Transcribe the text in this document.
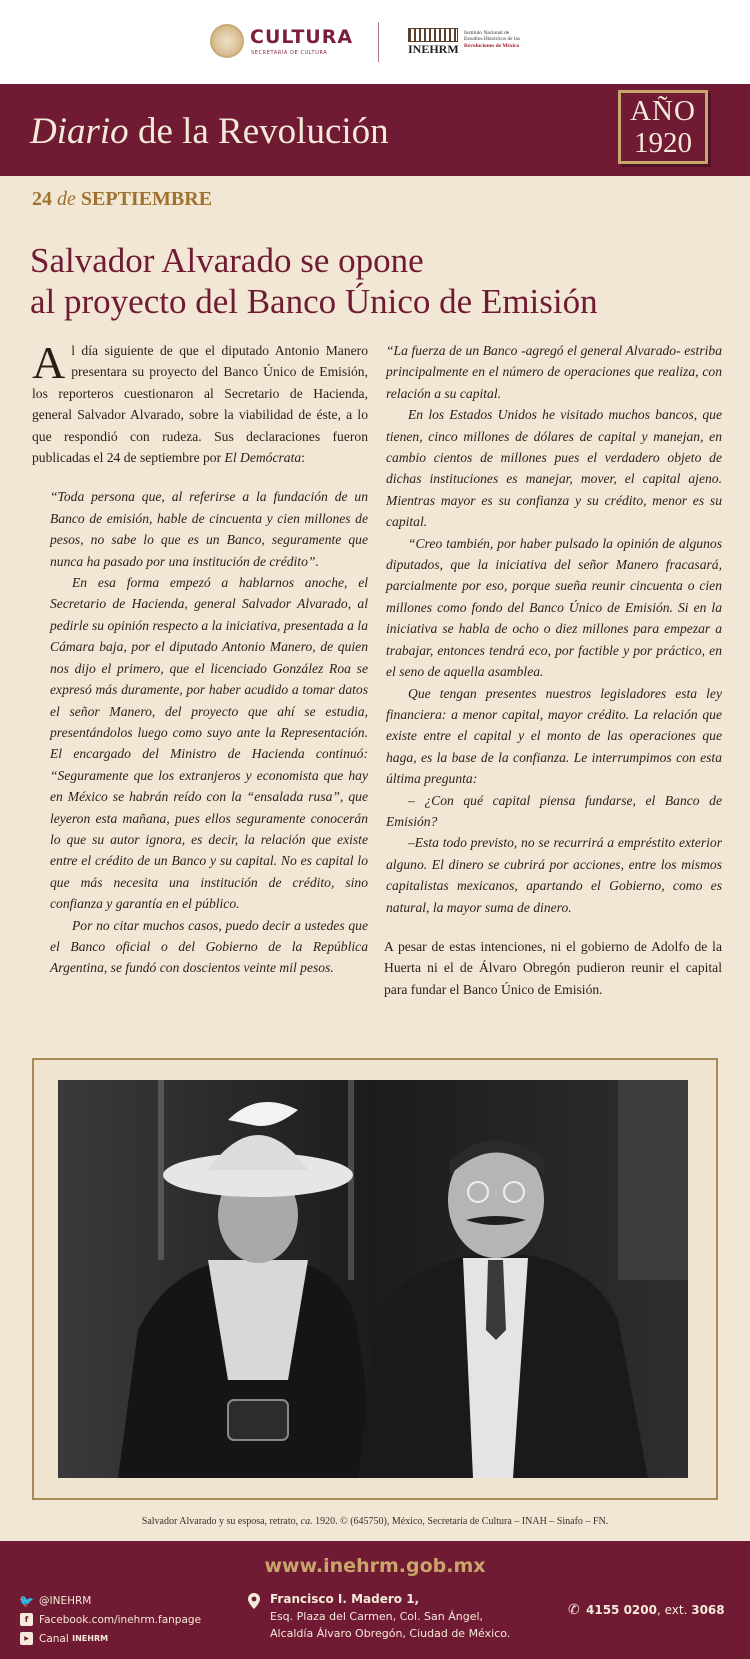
CULTURA
SECRETARÍA DE CULTURA	INEHRM
Instituto Nacional de
Estudios Históricos de las
Revoluciones de México
Diario de la Revolución	AÑO
1920
24 de SEPTIEMBRE
Salvador Alvarado se opone
al proyecto del Banco Único de Emisión

Al día siguiente de que el diputado Antonio Manero presentara su proyecto del Banco Único de Emisión, los reporteros cuestionaron al Secretario de Hacienda, general Salvador Alvarado, sobre la viabilidad de éste, a lo que respondió con rudeza. Sus declaraciones fueron publicadas el 24 de septiembre por El Demócrata:

“Toda persona que, al referirse a la fundación de un Banco de emisión, hable de cincuenta y cien millones de pesos, no sabe lo que es un Banco, seguramente que nunca ha pasado por una institución de crédito”.

En esa forma empezó a hablarnos anoche, el Secretario de Hacienda, general Salvador Alvarado, al pedirle su opinión respecto a la iniciativa, presentada a la Cámara baja, por el diputado Antonio Manero, de quien nos dijo el primero, que el licenciado González Roa se expresó más duramente, por haber acudido a tomar datos el señor Manero, del proyecto que ahí se estudia, presentándolos luego como suyo ante la Representación. El encargado del Ministro de Hacienda continuó: “Seguramente que los extranjeros y economista que hay en México se habrán reído con la “ensalada rusa”, que leyeron esta mañana, pues ellos seguramente conocerán lo que su autor ignora, es decir, la relación que existe entre el crédito de un Banco y su capital. No es capital lo que más necesita una institución de crédito, sino confianza y garantía en el público.

Por no citar muchos casos, puedo decir a ustedes que el Banco oficial o del Gobierno de la República Argentina, se fundó con doscientos veinte mil pesos.

“La fuerza de un Banco -agregó el general Alvarado- estriba principalmente en el número de operaciones que realiza, con relación a su capital.

En los Estados Unidos he visitado muchos bancos, que tienen, cinco millones de dólares de capital y manejan, en cambio cientos de millones pues el verdadero objeto de dichas instituciones es manejar, mover, el capital ajeno. Mientras mayor es su confianza y su crédito, menor es su capital.

“Creo también, por haber pulsado la opinión de algunos diputados, que la iniciativa del señor Manero fracasará, parcialmente por eso, porque sueña reunir cincuenta o cien millones como fondo del Banco Único de Emisión. Si en la iniciativa se habla de ocho o diez millones para empezar a trabajar, entonces tendrá eco, por factible y por práctico, en el seno de aquella asamblea.

Que tengan presentes nuestros legisladores esta ley financiera: a menor capital, mayor crédito. La relación que existe entre el capital y el monto de las operaciones que haga, es la base de la confianza. Le interrumpimos con esta última pregunta:

– ¿Con qué capital piensa fundarse, el Banco de Emisión?

–Esta todo previsto, no se recurrirá a empréstito exterior alguno. El dinero se cubrirá por acciones, entre los mismos capitalistas mexicanos, apartando el Gobierno, como es natural, la mayor suma de dinero.

A pesar de estas intenciones, ni el gobierno de Adolfo de la Huerta ni el de Álvaro Obregón pudieron reunir el capital para fundar el Banco Único de Emisión.

Salvador Alvarado y su esposa, retrato, ca. 1920. © (645750), México, Secretaría de Cultura – INAH – Sinafo – FN.
www.inehrm.gob.mx
🐦 @INEHRM
f	Facebook.com/inehrm.fanpage
▶ Canal
INEHRM
Francisco I. Madero 1,
Esq. Plaza del Carmen, Col. San Ángel,
Alcaldía Álvaro Obregón, Ciudad de México.
✆ 4155 0200, ext. 3068
